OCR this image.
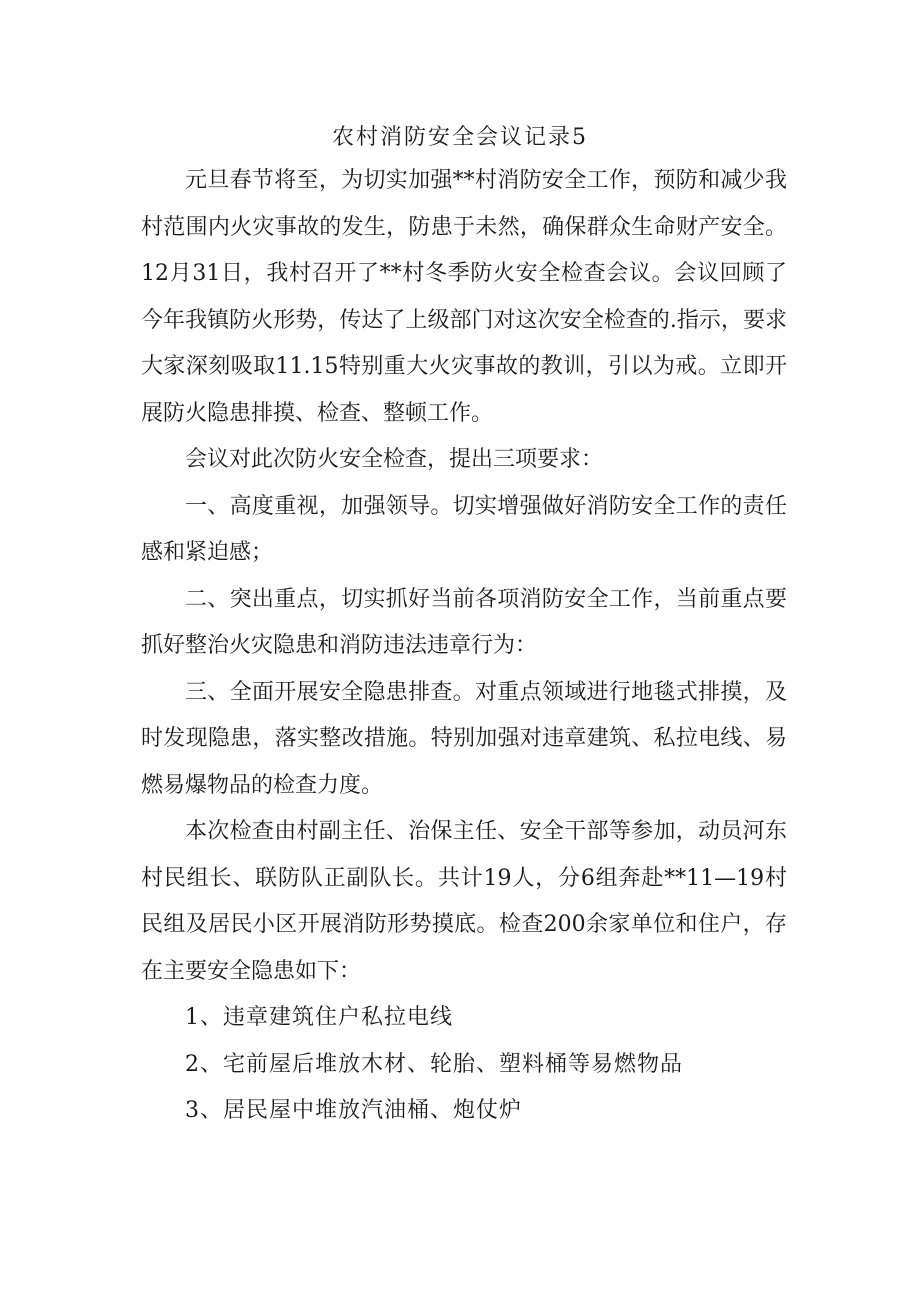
农村消防安全会议记录5

元旦春节将至，为切实加强**村消防安全工作，预防和减少我村范围内火灾事故的发生，防患于未然，确保群众生命财产安全。12月31日，我村召开了**村冬季防火安全检查会议。会议回顾了今年我镇防火形势，传达了上级部门对这次安全检查的.指示，要求大家深刻吸取11.15特别重大火灾事故的教训，引以为戒。立即开展防火隐患排摸、检查、整顿工作。

会议对此次防火安全检查，提出三项要求：

一、高度重视，加强领导。切实增强做好消防安全工作的责任感和紧迫感；

二、突出重点，切实抓好当前各项消防安全工作，当前重点要抓好整治火灾隐患和消防违法违章行为：

三、全面开展安全隐患排查。对重点领域进行地毯式排摸，及时发现隐患，落实整改措施。特别加强对违章建筑、私拉电线、易燃易爆物品的检查力度。

本次检查由村副主任、治保主任、安全干部等参加，动员河东村民组长、联防队正副队长。共计19人，分6组奔赴**11—19村民组及居民小区开展消防形势摸底。检查200余家单位和住户，存在主要安全隐患如下：

1、违章建筑住户私拉电线

2、宅前屋后堆放木材、轮胎、塑料桶等易燃物品

3、居民屋中堆放汽油桶、炮仗炉
